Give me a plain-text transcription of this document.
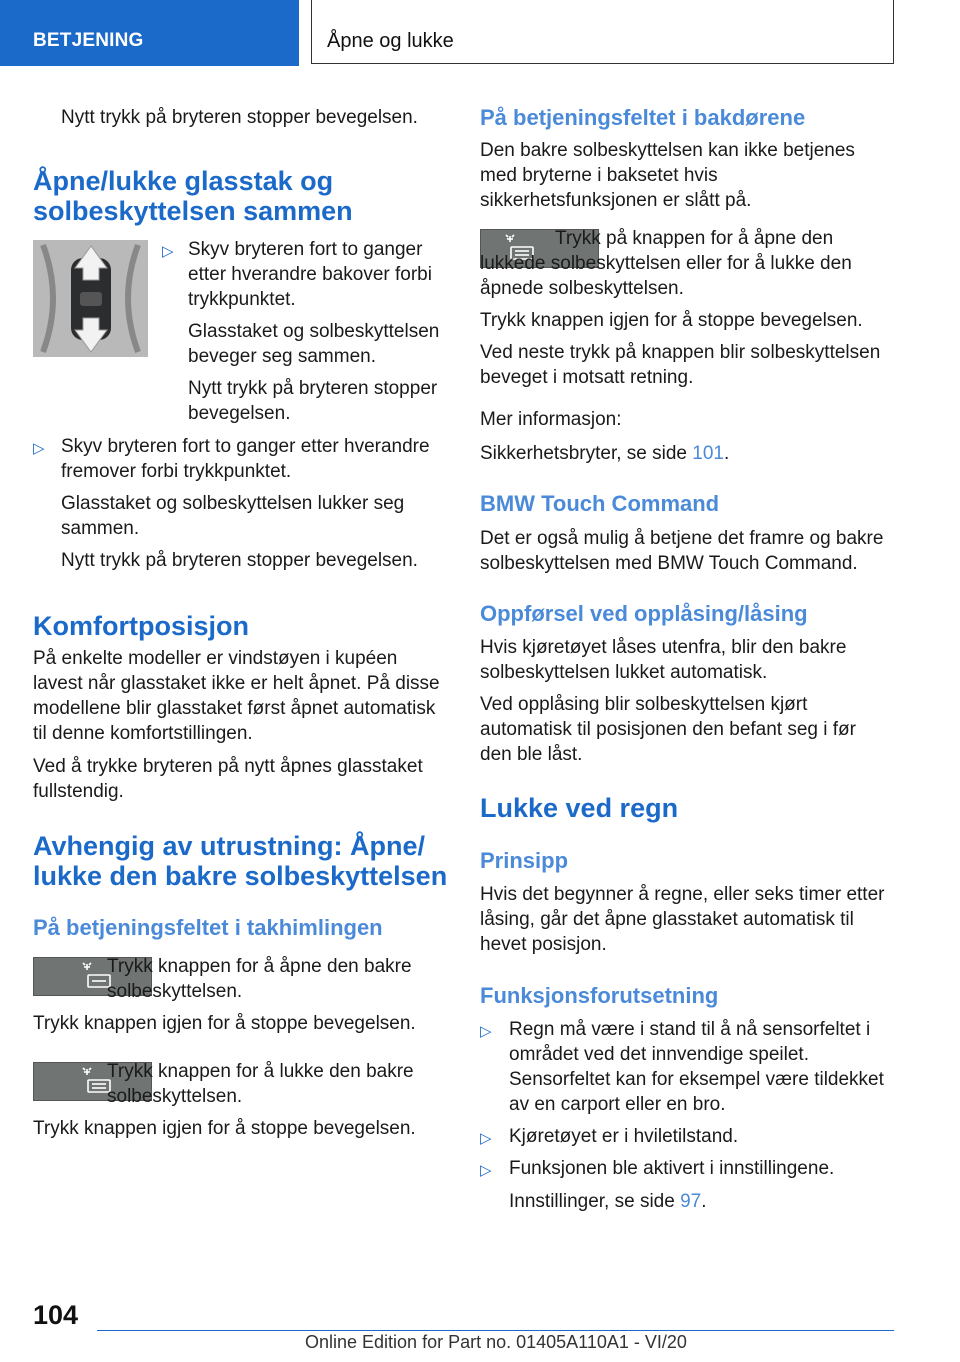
BETJENING	Åpne og lukke

Nytt trykk på bryteren stopper bevegelsen.

Åpne/lukke glasstak og solbeskyttelsen sammen
▷ Skyv bryteren fort to ganger etter hverandre bakover forbi trykkpunktet.

Glasstaket og solbeskyttelsen beveger seg sammen.

Nytt trykk på bryteren stopper bevegelsen.

▷ Skyv bryteren fort to ganger etter hverandre fremover forbi trykkpunktet.

Glasstaket og solbeskyttelsen lukker seg sammen.

Nytt trykk på bryteren stopper bevegelsen.

Komfortposisjon

På enkelte modeller er vindstøyen i kupéen lavest når glasstaket ikke er helt åpnet. På disse modellene blir glasstaket først åpnet automatisk til denne komfortstillingen.

Ved å trykke bryteren på nytt åpnes glasstaket fullstendig.

Avhengig av utrustning: Åpne/ lukke den bakre solbeskyttelsen
På betjeningsfeltet i takhimlingen

Trykk knappen for å åpne den bakre solbeskyttelsen.

Trykk knappen igjen for å stoppe bevegelsen.

Trykk knappen for å lukke den bakre solbeskyttelsen.

Trykk knappen igjen for å stoppe bevegelsen.

På betjeningsfeltet i bakdørene

Den bakre solbeskyttelsen kan ikke betjenes med bryterne i baksetet hvis sikkerhetsfunksjonen er slått på.

Trykk på knappen for å åpne den lukkede solbeskyttelsen eller for å lukke den åpnede solbeskyttelsen.

Trykk knappen igjen for å stoppe bevegelsen.

Ved neste trykk på knappen blir solbeskyttelsen beveget i motsatt retning.

Mer informasjon:

Sikkerhetsbryter, se side 101.

BMW Touch Command

Det er også mulig å betjene det framre og bakre solbeskyttelsen med BMW Touch Command.

Oppførsel ved opplåsing/låsing

Hvis kjøretøyet låses utenfra, blir den bakre solbeskyttelsen lukket automatisk.

Ved opplåsing blir solbeskyttelsen kjørt automatisk til posisjonen den befant seg i før den ble låst.

Lukke ved regn
Prinsipp

Hvis det begynner å regne, eller seks timer etter låsing, går det åpne glasstaket automatisk til hevet posisjon.

Funksjonsforutsetning
▷ Regn må være i stand til å nå sensorfeltet i området ved det innvendige speilet. Sensorfeltet kan for eksempel være tildekket av en carport eller en bro.

▷ Kjøretøyet er i hviletilstand.

▷ Funksjonen ble aktivert i innstillingene.

Innstillinger, se side 97.

104
Online Edition for Part no. 01405A110A1 - VI/20
